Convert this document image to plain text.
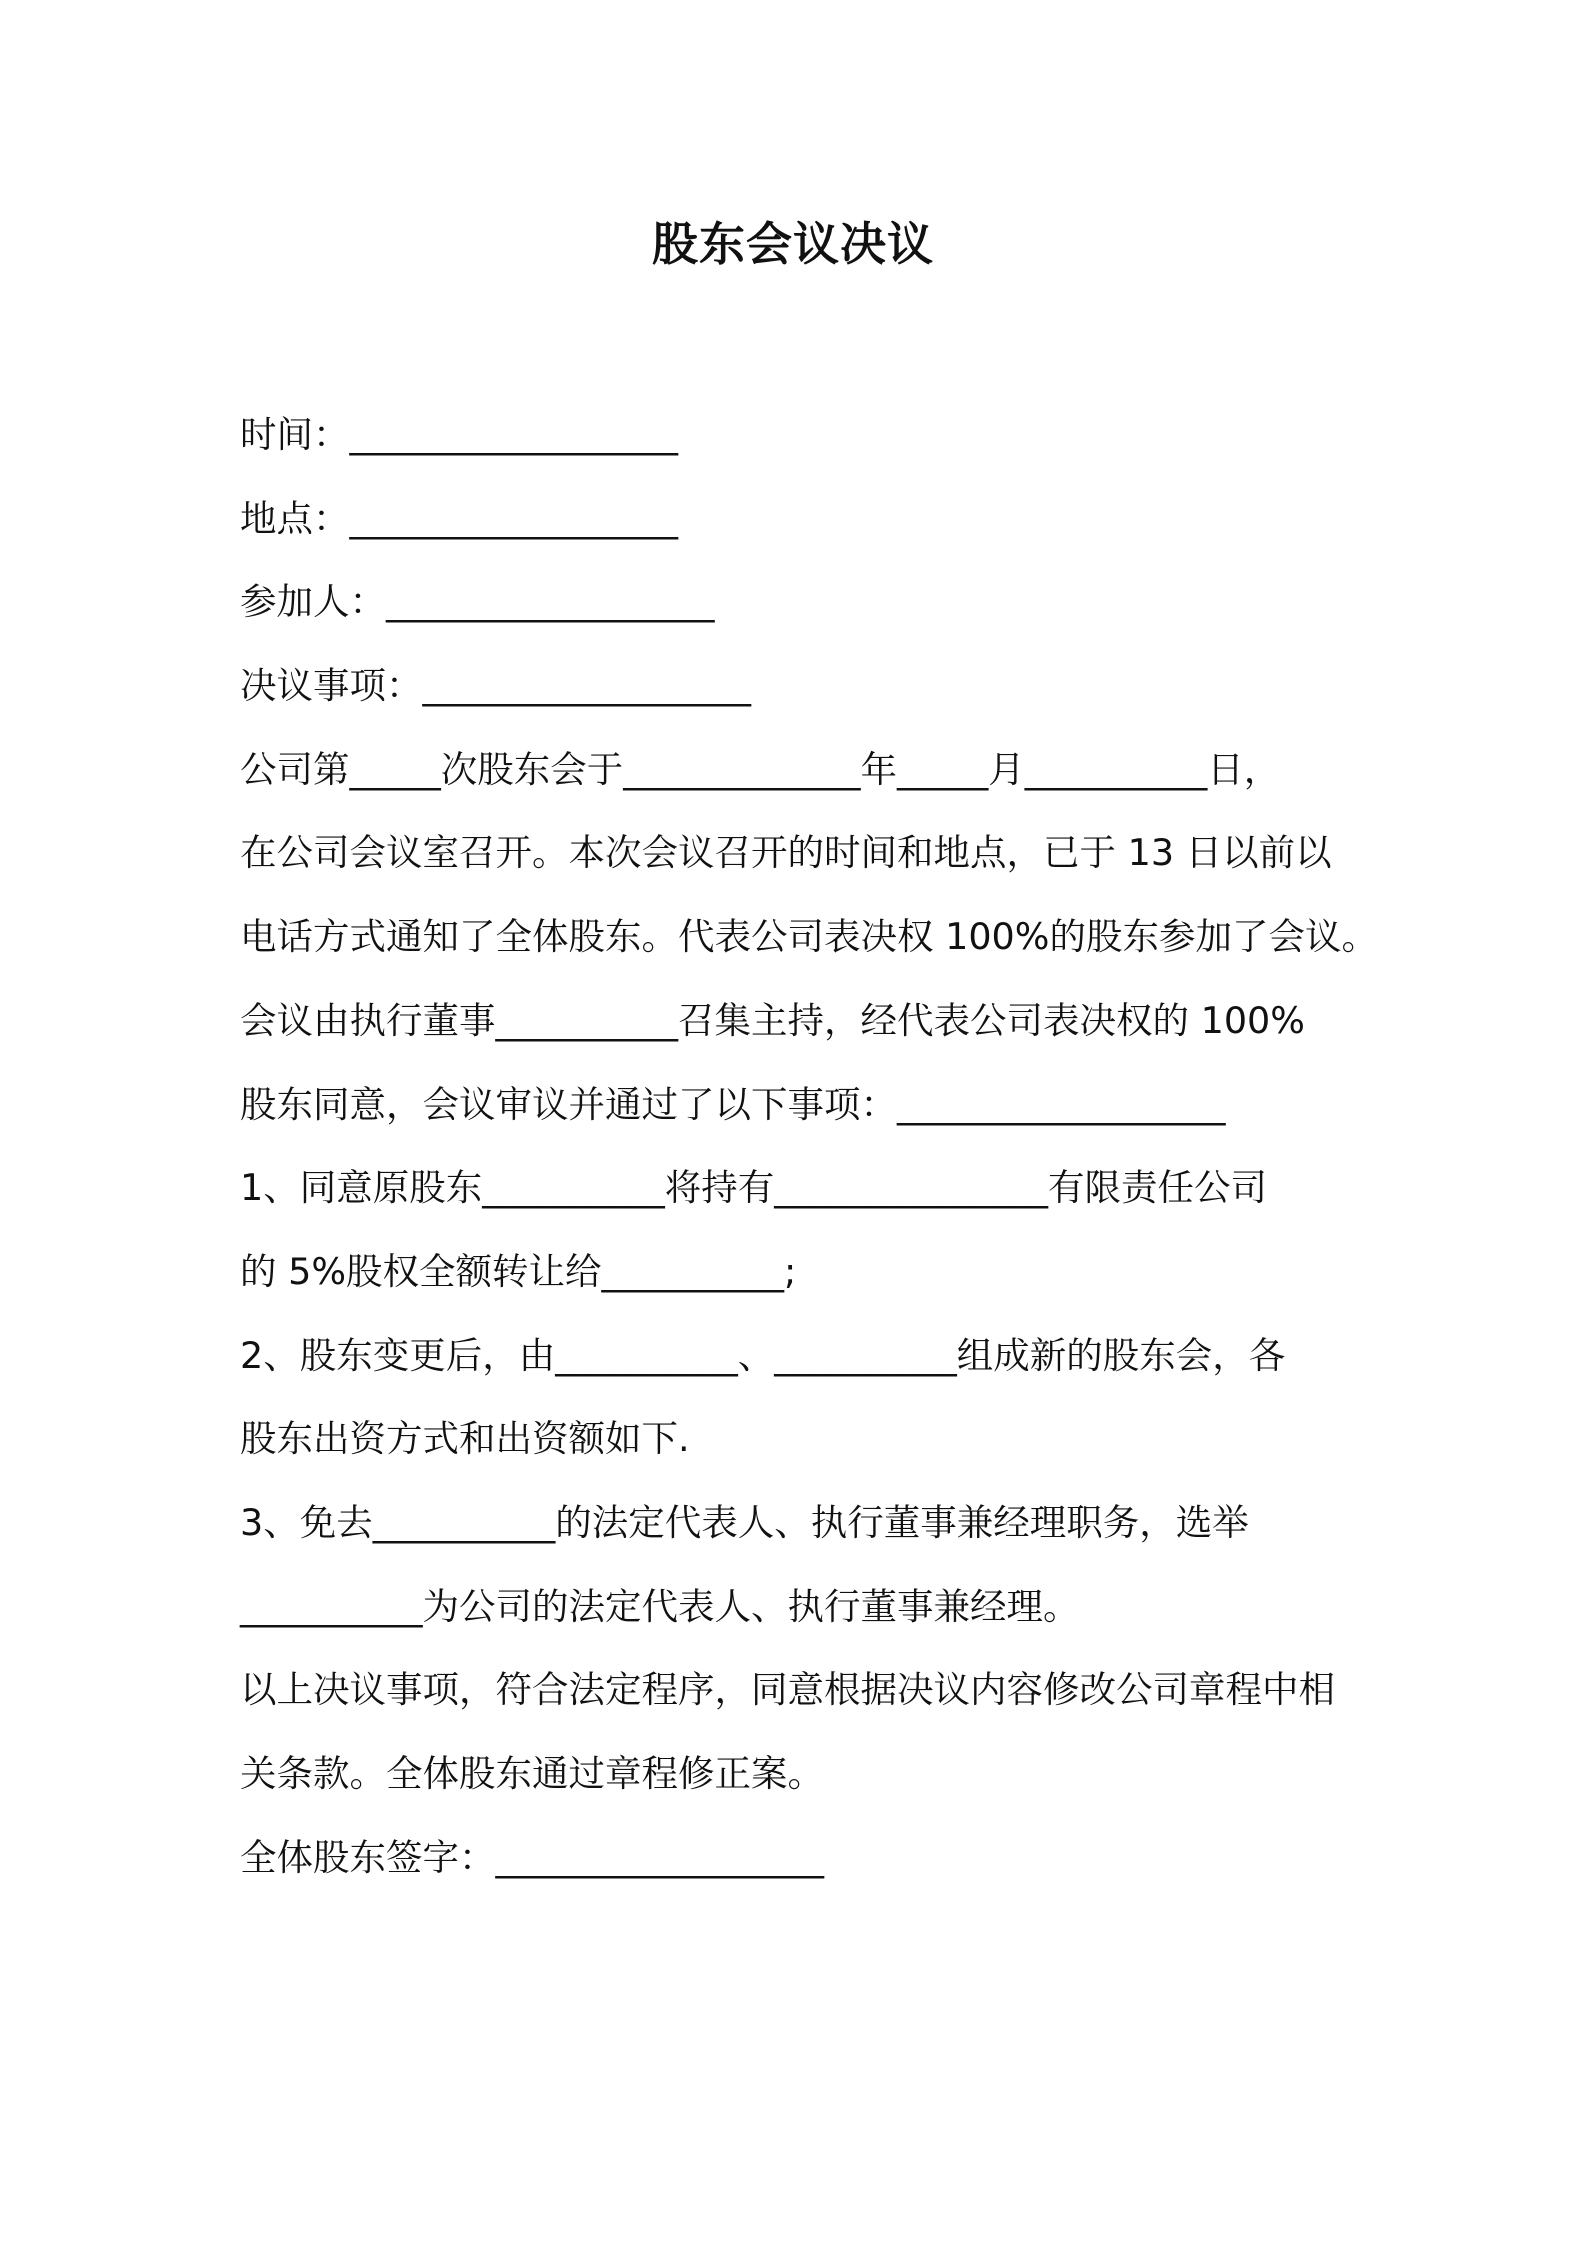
股东会议决议
时间：__________________
地点：__________________
参加人：__________________
决议事项：__________________
公司第_____次股东会于_____________年_____月__________日，
在公司会议室召开。本次会议召开的时间和地点，已于 13 日以前以
电话方式通知了全体股东。代表公司表决权 100%的股东参加了会议。
会议由执行董事__________召集主持，经代表公司表决权的 100%
股东同意，会议审议并通过了以下事项：__________________
1、同意原股东__________将持有_______________有限责任公司
的 5%股权全额转让给__________;
2、股东变更后，由__________、__________组成新的股东会，各
股东出资方式和出资额如下.
3、免去__________的法定代表人、执行董事兼经理职务，选举
__________为公司的法定代表人、执行董事兼经理。
以上决议事项，符合法定程序，同意根据决议内容修改公司章程中相
关条款。全体股东通过章程修正案。
全体股东签字：__________________
